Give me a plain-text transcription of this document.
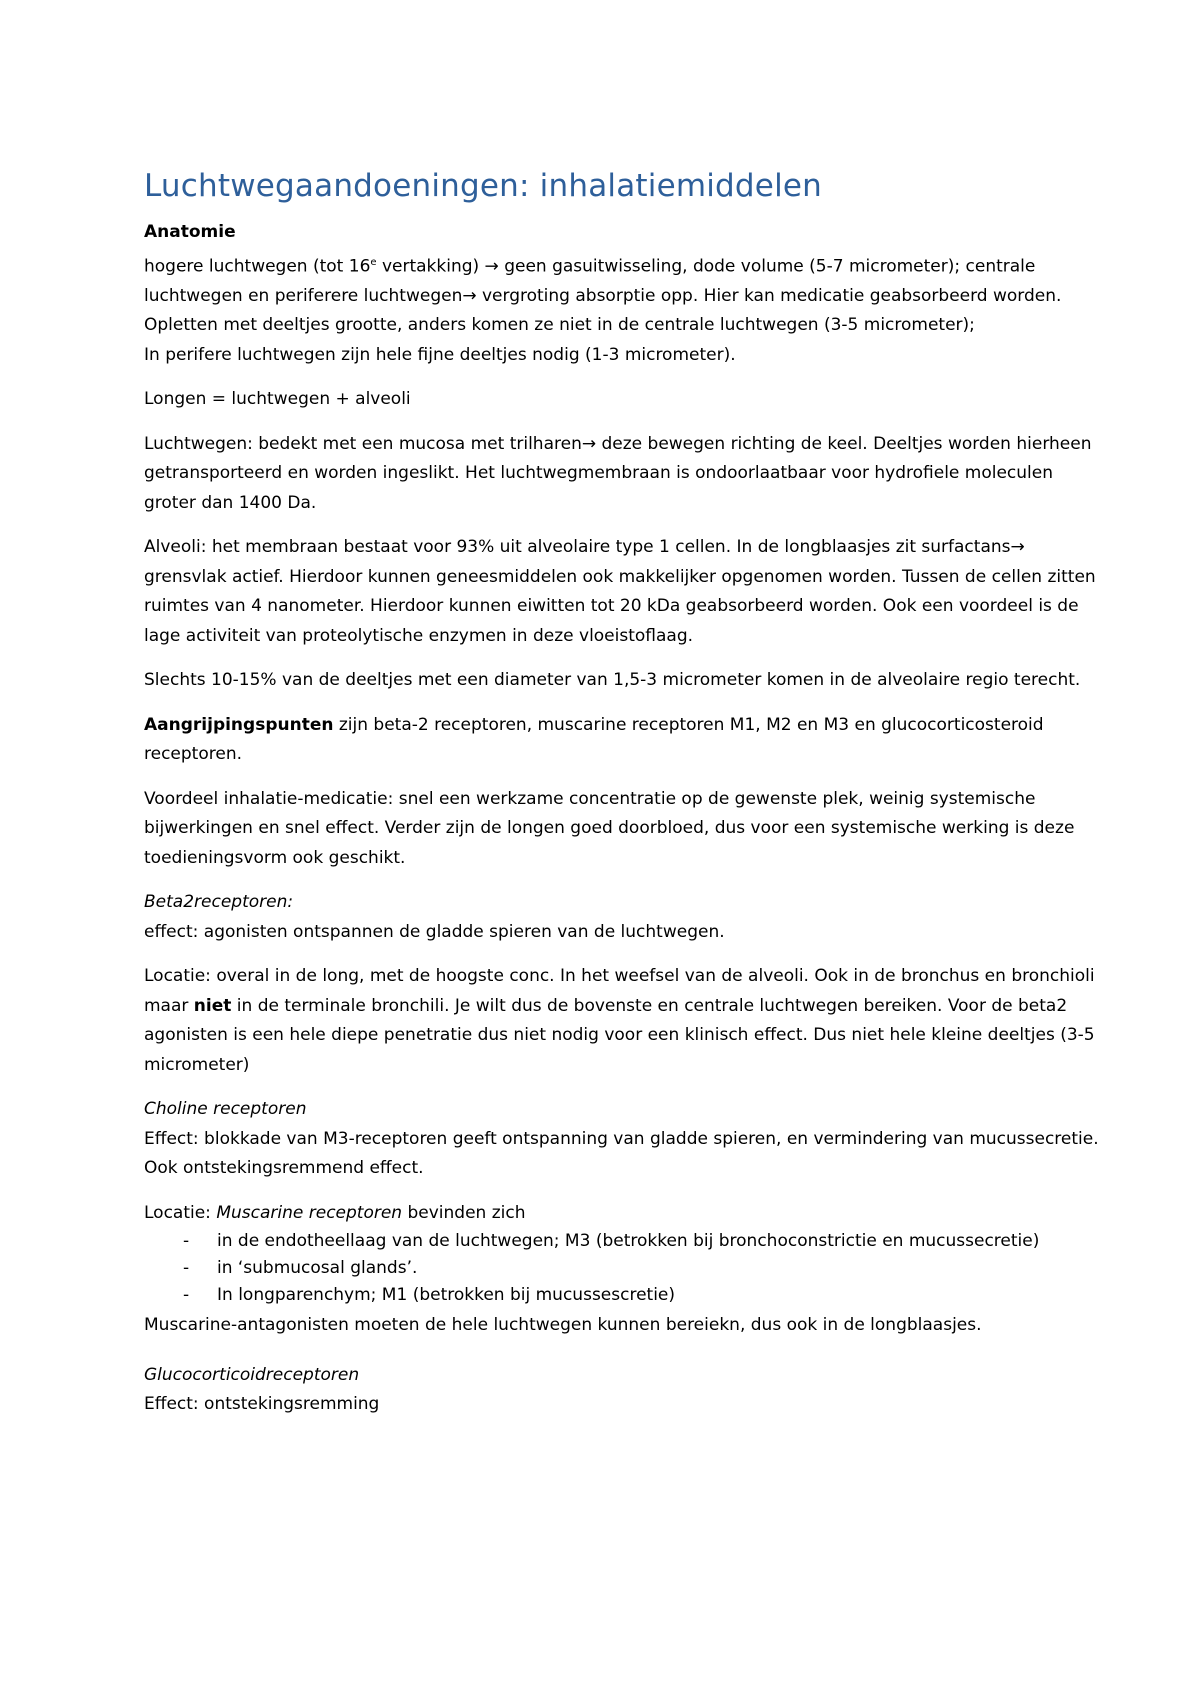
Luchtwegaandoeningen: inhalatiemiddelen
Anatomie
hogere luchtwegen (tot 16e vertakking) → geen gasuitwisseling, dode volume (5-7 micrometer); centrale luchtwegen en periferere luchtwegen→ vergroting absorptie opp. Hier kan medicatie geabsorbeerd worden. Opletten met deeltjes grootte, anders komen ze niet in de centrale luchtwegen (3-5 micrometer);
In perifere luchtwegen zijn hele fijne deeltjes nodig (1-3 micrometer).
Longen = luchtwegen + alveoli
Luchtwegen: bedekt met een mucosa met trilharen→ deze bewegen richting de keel. Deeltjes worden hierheen getransporteerd en worden ingeslikt. Het luchtwegmembraan is ondoorlaatbaar voor hydrofiele moleculen groter dan 1400 Da.
Alveoli: het membraan bestaat voor 93% uit alveolaire type 1 cellen. In de longblaasjes zit surfactans→ grensvlak actief. Hierdoor kunnen geneesmiddelen ook makkelijker opgenomen worden. Tussen de cellen zitten ruimtes van 4 nanometer. Hierdoor kunnen eiwitten tot 20 kDa geabsorbeerd worden. Ook een voordeel is de lage activiteit van proteolytische enzymen in deze vloeistoflaag.
Slechts 10-15% van de deeltjes met een diameter van 1,5-3 micrometer komen in de alveolaire regio terecht.
Aangrijpingspunten zijn beta-2 receptoren, muscarine receptoren M1, M2 en M3 en glucocorticosteroid receptoren.
Voordeel inhalatie-medicatie: snel een werkzame concentratie op de gewenste plek, weinig systemische bijwerkingen en snel effect. Verder zijn de longen goed doorbloed, dus voor een systemische werking is deze toedieningsvorm ook geschikt.
Beta2receptoren:
effect: agonisten ontspannen de gladde spieren van de luchtwegen.
Locatie: overal in de long, met de hoogste conc. In het weefsel van de alveoli. Ook in de bronchus en bronchioli maar niet in de terminale bronchili. Je wilt dus de bovenste en centrale luchtwegen bereiken. Voor de beta2 agonisten is een hele diepe penetratie dus niet nodig voor een klinisch effect. Dus niet hele kleine deeltjes (3-5 micrometer)
Choline receptoren
Effect: blokkade van M3-receptoren geeft ontspanning van gladde spieren, en vermindering van mucussecretie. Ook ontstekingsremmend effect.
Locatie: Muscarine receptoren bevinden zich
- in de endotheellaag van de luchtwegen; M3 (betrokken bij bronchoconstrictie en mucussecretie)
- in ‘submucosal glands’.
- In longparenchym; M1 (betrokken bij mucussescretie)
Muscarine-antagonisten moeten de hele luchtwegen kunnen bereiekn, dus ook in de longblaasjes.
Glucocorticoidreceptoren
Effect: ontstekingsremming
